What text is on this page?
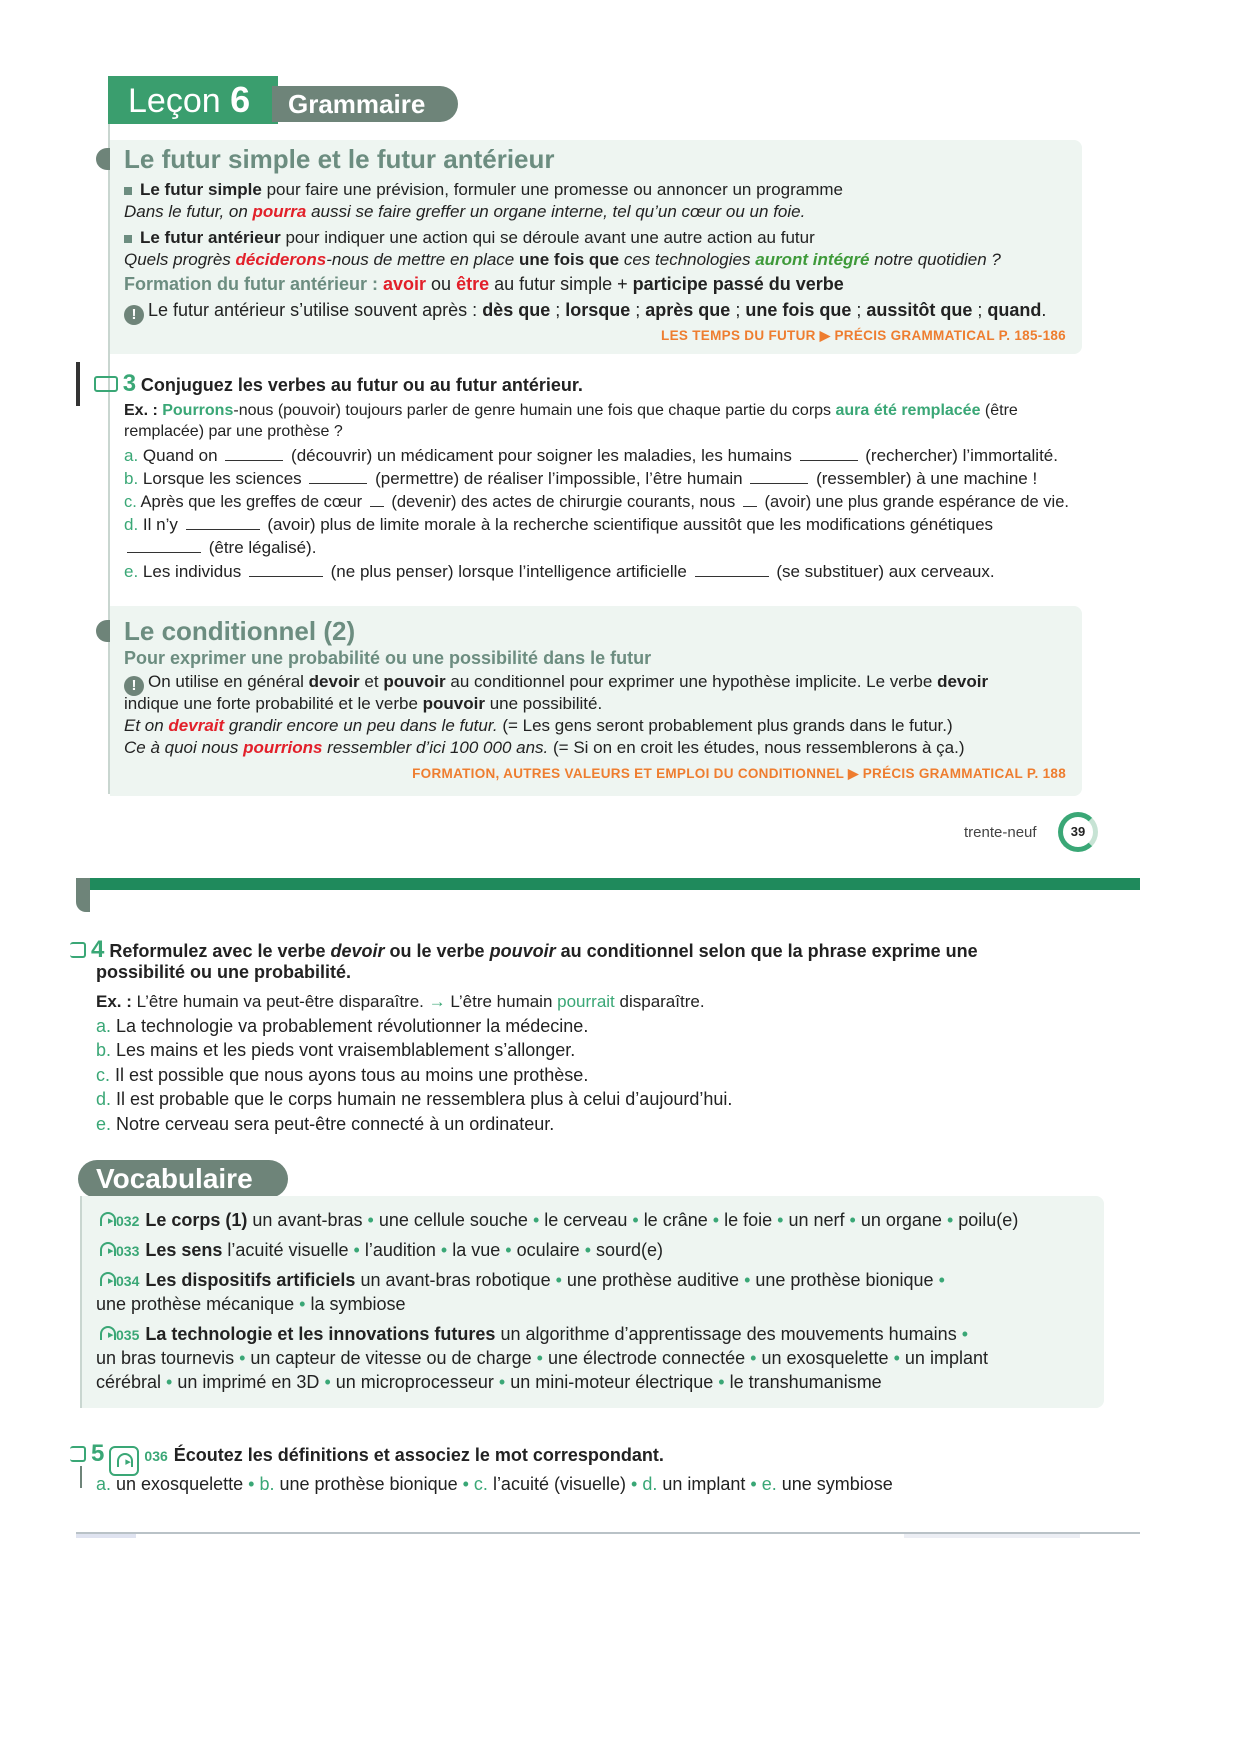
Leçon 6	Grammaire
Le futur simple et le futur antérieur
Le futur simple pour faire une prévision, formuler une promesse ou annoncer un programme
Dans le futur, on pourra aussi se faire greffer un organe interne, tel qu’un cœur ou un foie.
Le futur antérieur pour indiquer une action qui se déroule avant une autre action au futur
Quels progrès déciderons-nous de mettre en place une fois que ces technologies auront intégré notre quotidien ?
Formation du futur antérieur : avoir ou être au futur simple + participe passé du verbe
! Le futur antérieur s’utilise souvent après : dès que ; lorsque ; après que ; une fois que ; aussitôt que ; quand.
LES TEMPS DU FUTUR ▶ PRÉCIS GRAMMATICAL P. 185-186
3 Conjuguez les verbes au futur ou au futur antérieur.
Ex. : Pourrons-nous (pouvoir) toujours parler de genre humain une fois que chaque partie du corps aura été remplacée (être
remplacée) par une prothèse ?
a. Quand on	(découvrir) un médicament pour soigner les maladies, les humains	(rechercher) l’immortalité.
b. Lorsque les sciences	(permettre) de réaliser l’impossible, l’être humain	(ressembler) à une machine !
c. Après que les greffes de cœur  (devenir) des actes de chirurgie courants, nous  (avoir) une plus grande espérance de vie.
d. Il n’y	(avoir) plus de limite morale à la recherche scientifique aussitôt que les modifications génétiques
(être légalisé).
e. Les individus	(ne plus penser) lorsque l’intelligence artificielle	(se substituer) aux cerveaux.
Le conditionnel (2)
Pour exprimer une probabilité ou une possibilité dans le futur
! On utilise en général devoir et pouvoir au conditionnel pour exprimer une hypothèse implicite. Le verbe devoir
indique une forte probabilité et le verbe pouvoir une possibilité.
Et on devrait grandir encore un peu dans le futur. (= Les gens seront probablement plus grands dans le futur.)
Ce à quoi nous pourrions ressembler d’ici 100 000 ans. (= Si on en croit les études, nous ressemblerons à ça.)
FORMATION, AUTRES VALEURS ET EMPLOI DU CONDITIONNEL ▶ PRÉCIS GRAMMATICAL P. 188
trente-neuf	39
4 Reformulez avec le verbe devoir ou le verbe pouvoir au conditionnel selon que la phrase exprime une
possibilité ou une probabilité.
Ex. : L’être humain va peut-être disparaître. → L’être humain pourrait disparaître.
a. La technologie va probablement révolutionner la médecine.
b. Les mains et les pieds vont vraisemblablement s’allonger.
c. Il est possible que nous ayons tous au moins une prothèse.
d. Il est probable que le corps humain ne ressemblera plus à celui d’aujourd’hui.
e. Notre cerveau sera peut-être connecté à un ordinateur.
Vocabulaire
▸032 Le corps (1) un avant-bras • une cellule souche • le cerveau • le crâne • le foie • un nerf • un organe • poilu(e)
▸033 Les sens l’acuité visuelle • l’audition • la vue • oculaire • sourd(e)
▸034 Les dispositifs artificiels un avant-bras robotique • une prothèse auditive • une prothèse bionique •
une prothèse mécanique • la symbiose
▸035 La technologie et les innovations futures un algorithme d’apprentissage des mouvements humains •
un bras tournevis • un capteur de vitesse ou de charge • une électrode connectée • un exosquelette • un implant
cérébral • un imprimé en 3D • un microprocesseur • un mini-moteur électrique • le transhumanisme
5 ▸	036 Écoutez les définitions et associez le mot correspondant.
a. un exosquelette • b. une prothèse bionique • c. l’acuité (visuelle) • d. un implant • e. une symbiose
